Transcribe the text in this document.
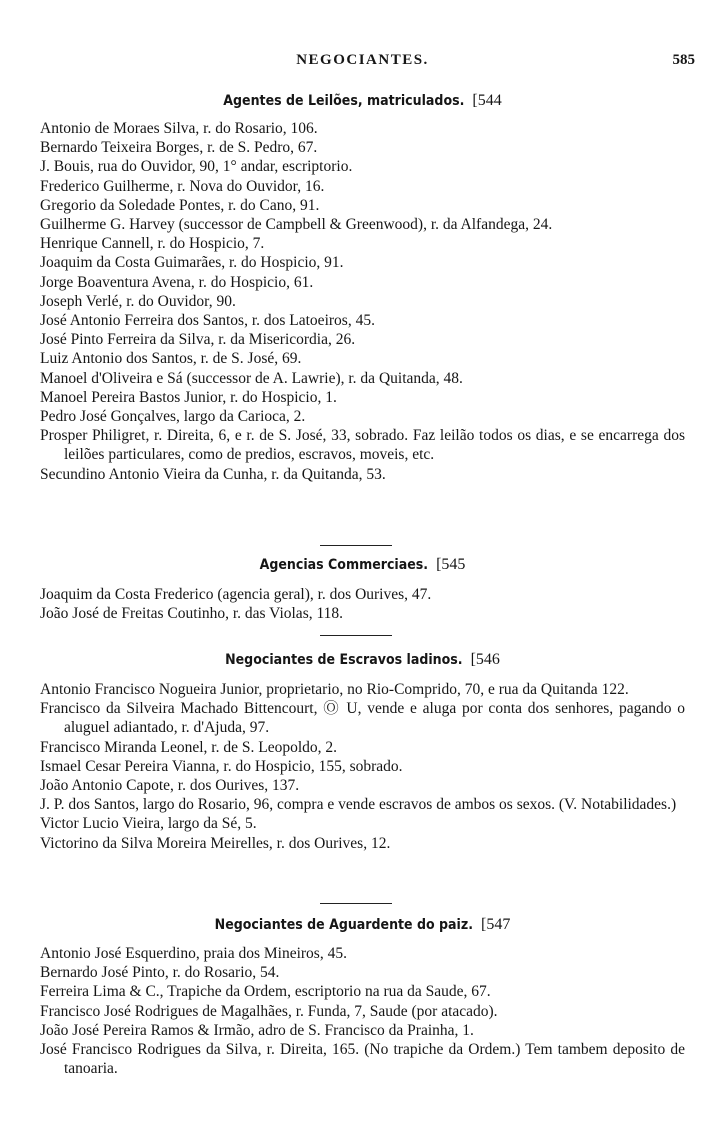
NEGOCIANTES.	585
Agentes de Leilões, matriculados. [544

Antonio de Moraes Silva, r. do Rosario, 106.

Bernardo Teixeira Borges, r. de S. Pedro, 67.

J. Bouis, rua do Ouvidor, 90, 1° andar, escriptorio.

Frederico Guilherme, r. Nova do Ouvidor, 16.

Gregorio da Soledade Pontes, r. do Cano, 91.

Guilherme G. Harvey (successor de Campbell & Greenwood), r. da Alfandega, 24.

Henrique Cannell, r. do Hospicio, 7.

Joaquim da Costa Guimarães, r. do Hospicio, 91.

Jorge Boaventura Avena, r. do Hospicio, 61.

Joseph Verlé, r. do Ouvidor, 90.

José Antonio Ferreira dos Santos, r. dos Latoeiros, 45.

José Pinto Ferreira da Silva, r. da Misericordia, 26.

Luiz Antonio dos Santos, r. de S. José, 69.

Manoel d'Oliveira e Sá (successor de A. Lawrie), r. da Quitanda, 48.

Manoel Pereira Bastos Junior, r. do Hospicio, 1.

Pedro José Gonçalves, largo da Carioca, 2.

Prosper Philigret, r. Direita, 6, e r. de S. José, 33, sobrado. Faz leilão todos os dias, e se encarrega dos leilões particulares, como de predios, escravos, moveis, etc.

Secundino Antonio Vieira da Cunha, r. da Quitanda, 53.

Agencias Commerciaes. [545

Joaquim da Costa Frederico (agencia geral), r. dos Ourives, 47.

João José de Freitas Coutinho, r. das Violas, 118.

Negociantes de Escravos ladinos. [546

Antonio Francisco Nogueira Junior, proprietario, no Rio-Comprido, 70, e rua da Quitanda 122.

Francisco da Silveira Machado Bittencourt, Ⓞ U, vende e aluga por conta dos senhores, pagando o aluguel adiantado, r. d'Ajuda, 97.

Francisco Miranda Leonel, r. de S. Leopoldo, 2.

Ismael Cesar Pereira Vianna, r. do Hospicio, 155, sobrado.

João Antonio Capote, r. dos Ourives, 137.

J. P. dos Santos, largo do Rosario, 96, compra e vende escravos de ambos os sexos. (V. Notabilidades.)

Victor Lucio Vieira, largo da Sé, 5.

Victorino da Silva Moreira Meirelles, r. dos Ourives, 12.

Negociantes de Aguardente do paiz. [547

Antonio José Esquerdino, praia dos Mineiros, 45.

Bernardo José Pinto, r. do Rosario, 54.

Ferreira Lima & C., Trapiche da Ordem, escriptorio na rua da Saude, 67.

Francisco José Rodrigues de Magalhães, r. Funda, 7, Saude (por atacado).

João José Pereira Ramos & Irmão, adro de S. Francisco da Prainha, 1.

José Francisco Rodrigues da Silva, r. Direita, 165. (No trapiche da Ordem.) Tem tambem deposito de tanoaria.
